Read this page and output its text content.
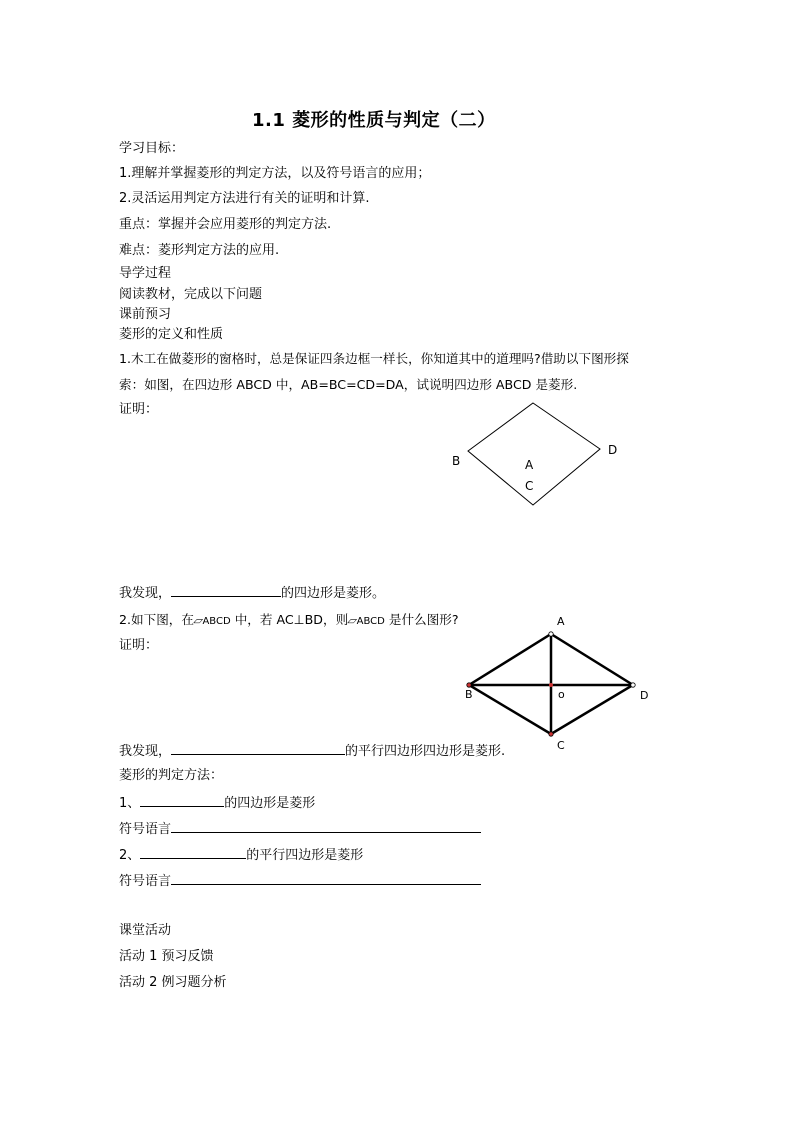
1.1 菱形的性质与判定（二）
学习目标：
1.理解并掌握菱形的判定方法，以及符号语言的应用；
2.灵活运用判定方法进行有关的证明和计算.
重点：掌握并会应用菱形的判定方法.
难点：菱形判定方法的应用.
导学过程
阅读教材，完成以下问题
课前预习
菱形的定义和性质
1.木工在做菱形的窗格时，总是保证四条边框一样长，你知道其中的道理吗?借助以下图形探
索：如图，在四边形 ABCD 中，AB=BC=CD=DA，试说明四边形 ABCD 是菱形.
证明：
B
D
A
C
我发现，	的四边形是菱形。
2.如下图，在▱ABCD 中，若 AC⊥BD，则▱ABCD 是什么图形?
证明：
A
B
C
D
o
我发现，	的平行四边形四边形是菱形.
菱形的判定方法：
1、	的四边形是菱形
符号语言
2、	的平行四边形是菱形
符号语言
课堂活动
活动 1 预习反馈
活动 2 例习题分析
